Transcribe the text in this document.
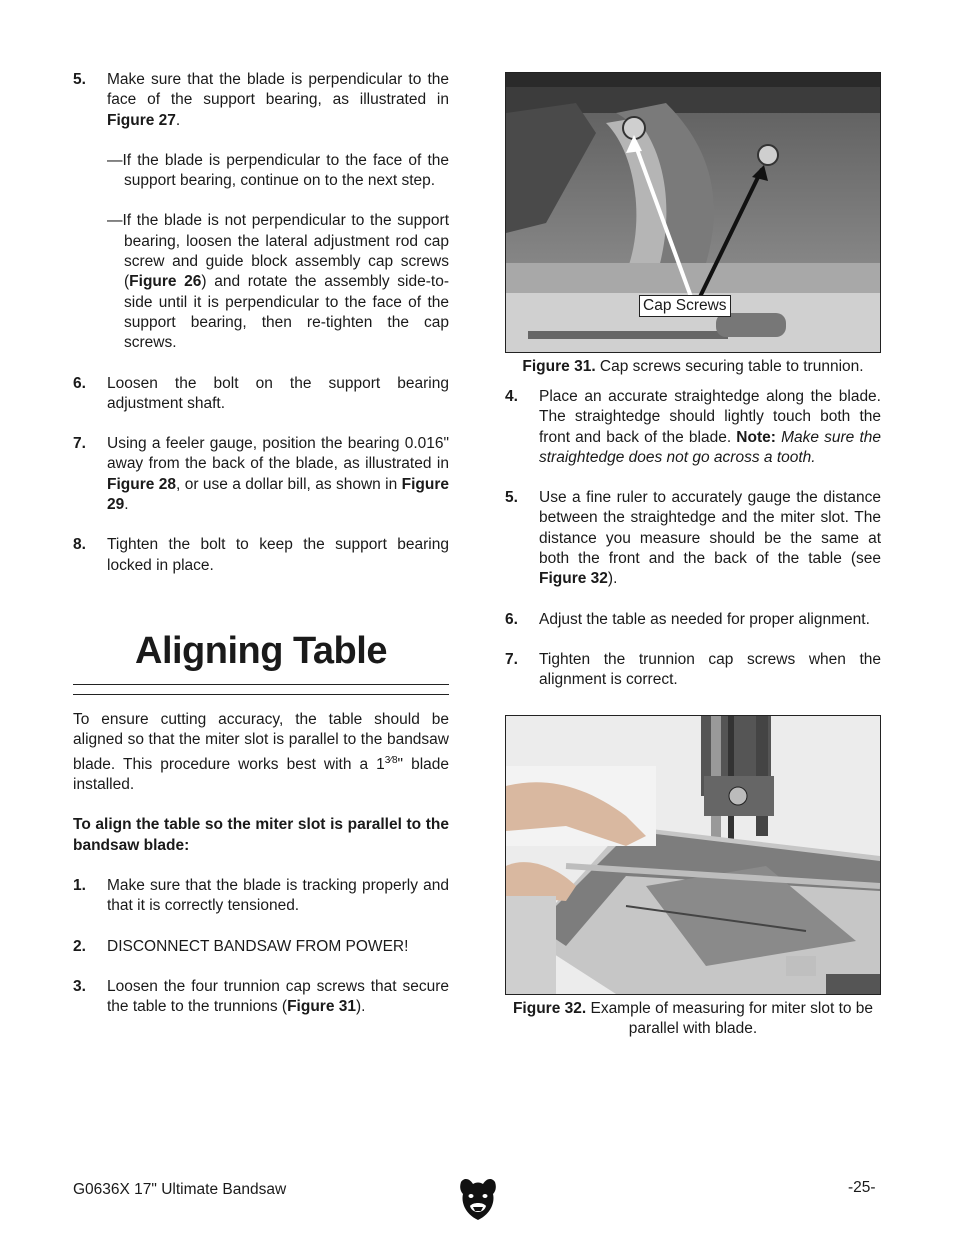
5.	Make sure that the blade is perpendicular to the face of the support bearing, as illustrated in Figure 27.

—If the blade is perpendicular to the face of the support bearing, continue on to the next step.

—If the blade is not perpendicular to the support bearing, loosen the lateral adjustment rod cap screw and guide block assembly cap screws (Figure 26) and rotate the assembly side-to-side until it is perpendicular to the face of the support bearing, then re-tighten the cap screws.

6.	Loosen the bolt on the support bearing adjustment shaft.
7.	Using a feeler gauge, position the bearing 0.016" away from the back of the blade, as illustrated in Figure 28, or use a dollar bill, as shown in Figure 29.
8.	Tighten the bolt to keep the support bearing locked in place.
Aligning Table

To ensure cutting accuracy, the table should be aligned so that the miter slot is parallel to the bandsaw blade. This procedure works best with a $1^{3⁄8}$" blade installed.

To align the table so the miter slot is parallel to the bandsaw blade:

1.	Make sure that the blade is tracking properly and that it is correctly tensioned.
2.	DISCONNECT BANDSAW FROM POWER!
3.	Loosen the four trunnion cap screws that secure the table to the trunnions (Figure 31).
Cap Screws

Figure 31. Cap screws securing table to trunnion.

4.	Place an accurate straightedge along the blade. The straightedge should lightly touch both the front and back of the blade. Note: Make sure the straightedge does not go across a tooth.
5.	Use a fine ruler to accurately gauge the distance between the straightedge and the miter slot. The distance you measure should be the same at both the front and the back of the table (see Figure 32).
6.	Adjust the table as needed for proper alignment.
7.	Tighten the trunnion cap screws when the alignment is correct.

Figure 32. Example of measuring for miter slot to be parallel with blade.

G0636X 17" Ultimate Bandsaw	-25-
